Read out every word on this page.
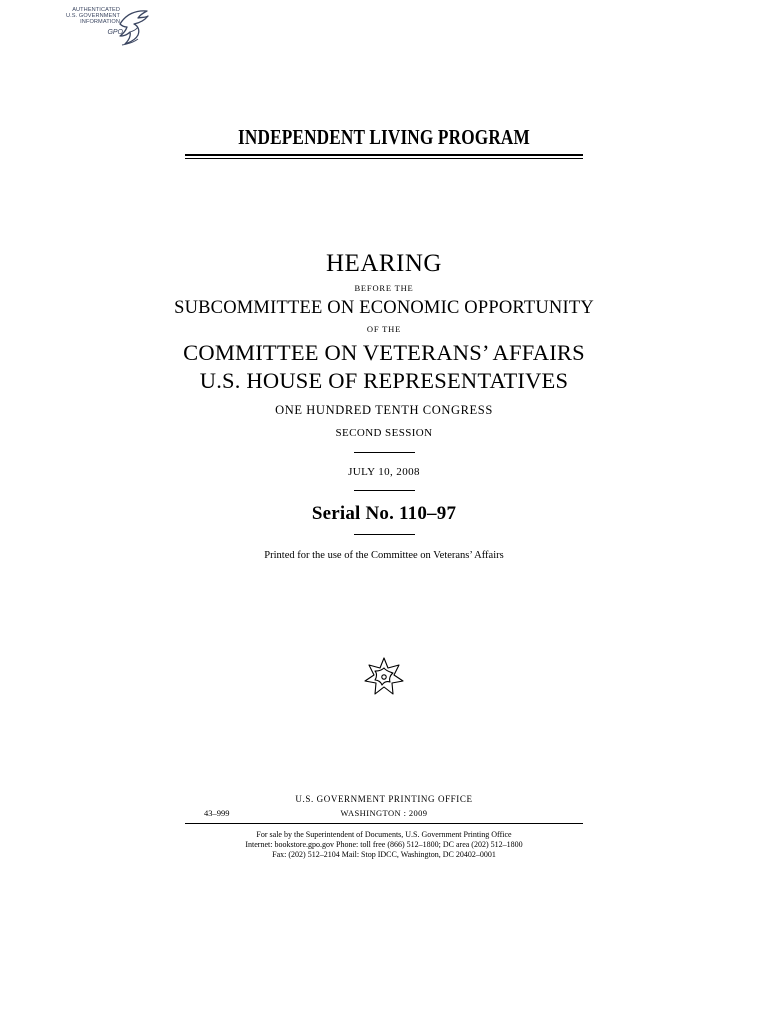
AUTHENTICATED
U.S. GOVERNMENT
INFORMATION
GPO
INDEPENDENT LIVING PROGRAM
HEARING
BEFORE THE
SUBCOMMITTEE ON ECONOMIC OPPORTUNITY
OF THE
COMMITTEE ON VETERANS’ AFFAIRS
U.S. HOUSE OF REPRESENTATIVES
ONE HUNDRED TENTH CONGRESS
SECOND SESSION
JULY 10, 2008
Serial No. 110–97
Printed for the use of the Committee on Veterans’ Affairs
U.S. GOVERNMENT PRINTING OFFICE
43–999	WASHINGTON : 2009
For sale by the Superintendent of Documents, U.S. Government Printing Office
Internet: bookstore.gpo.gov Phone: toll free (866) 512–1800; DC area (202) 512–1800
Fax: (202) 512–2104 Mail: Stop IDCC, Washington, DC 20402–0001
